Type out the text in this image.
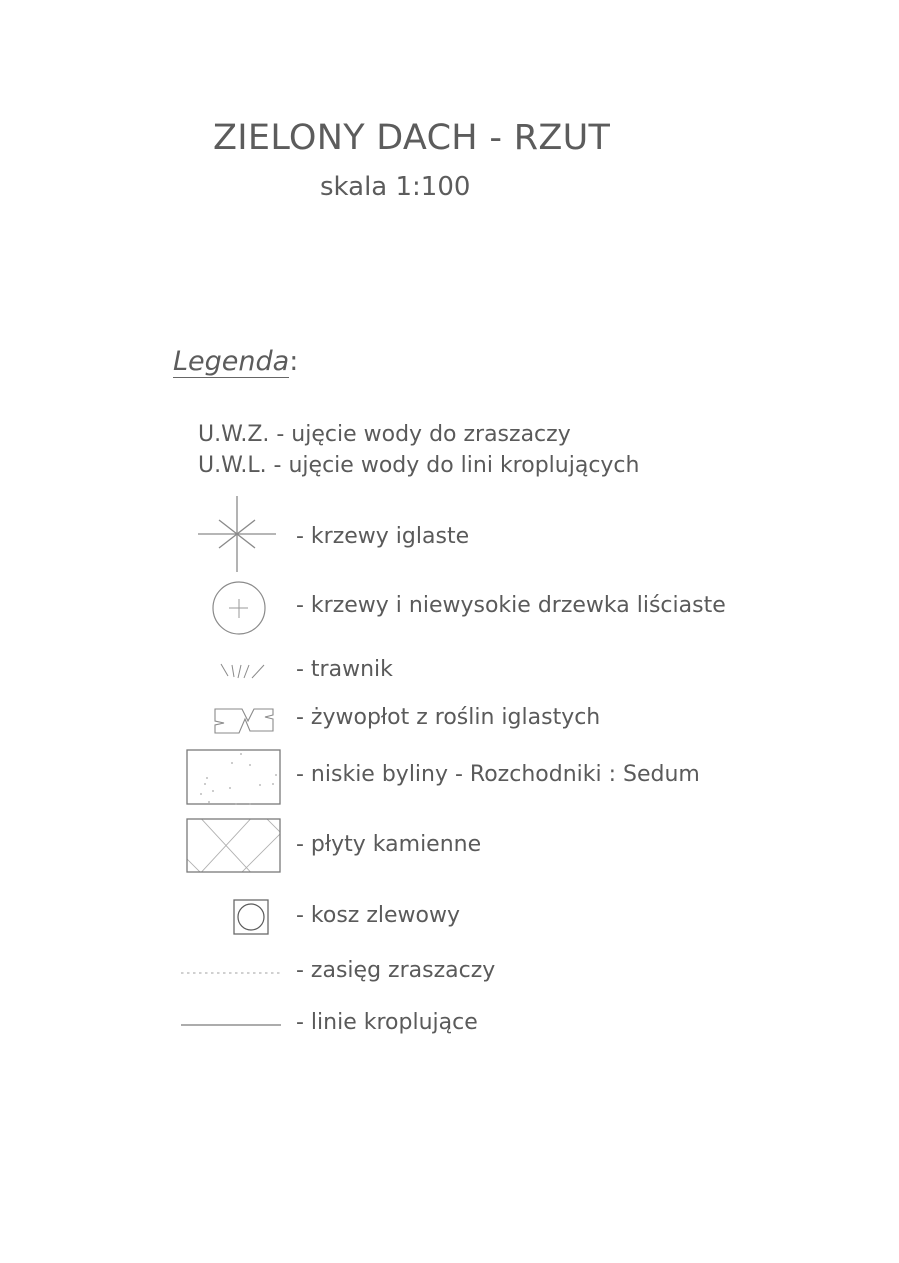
ZIELONY DACH - RZUT
skala 1:100
Legenda:
U.W.Z. - ujęcie wody do zraszaczy
U.W.L. - ujęcie wody do lini kroplujących
- krzewy iglaste
- krzewy i niewysokie drzewka liściaste
- trawnik
- żywopłot z roślin iglastych
- niskie byliny - Rozchodniki : Sedum
- płyty kamienne
- kosz zlewowy
- zasięg zraszaczy
- linie kroplujące
